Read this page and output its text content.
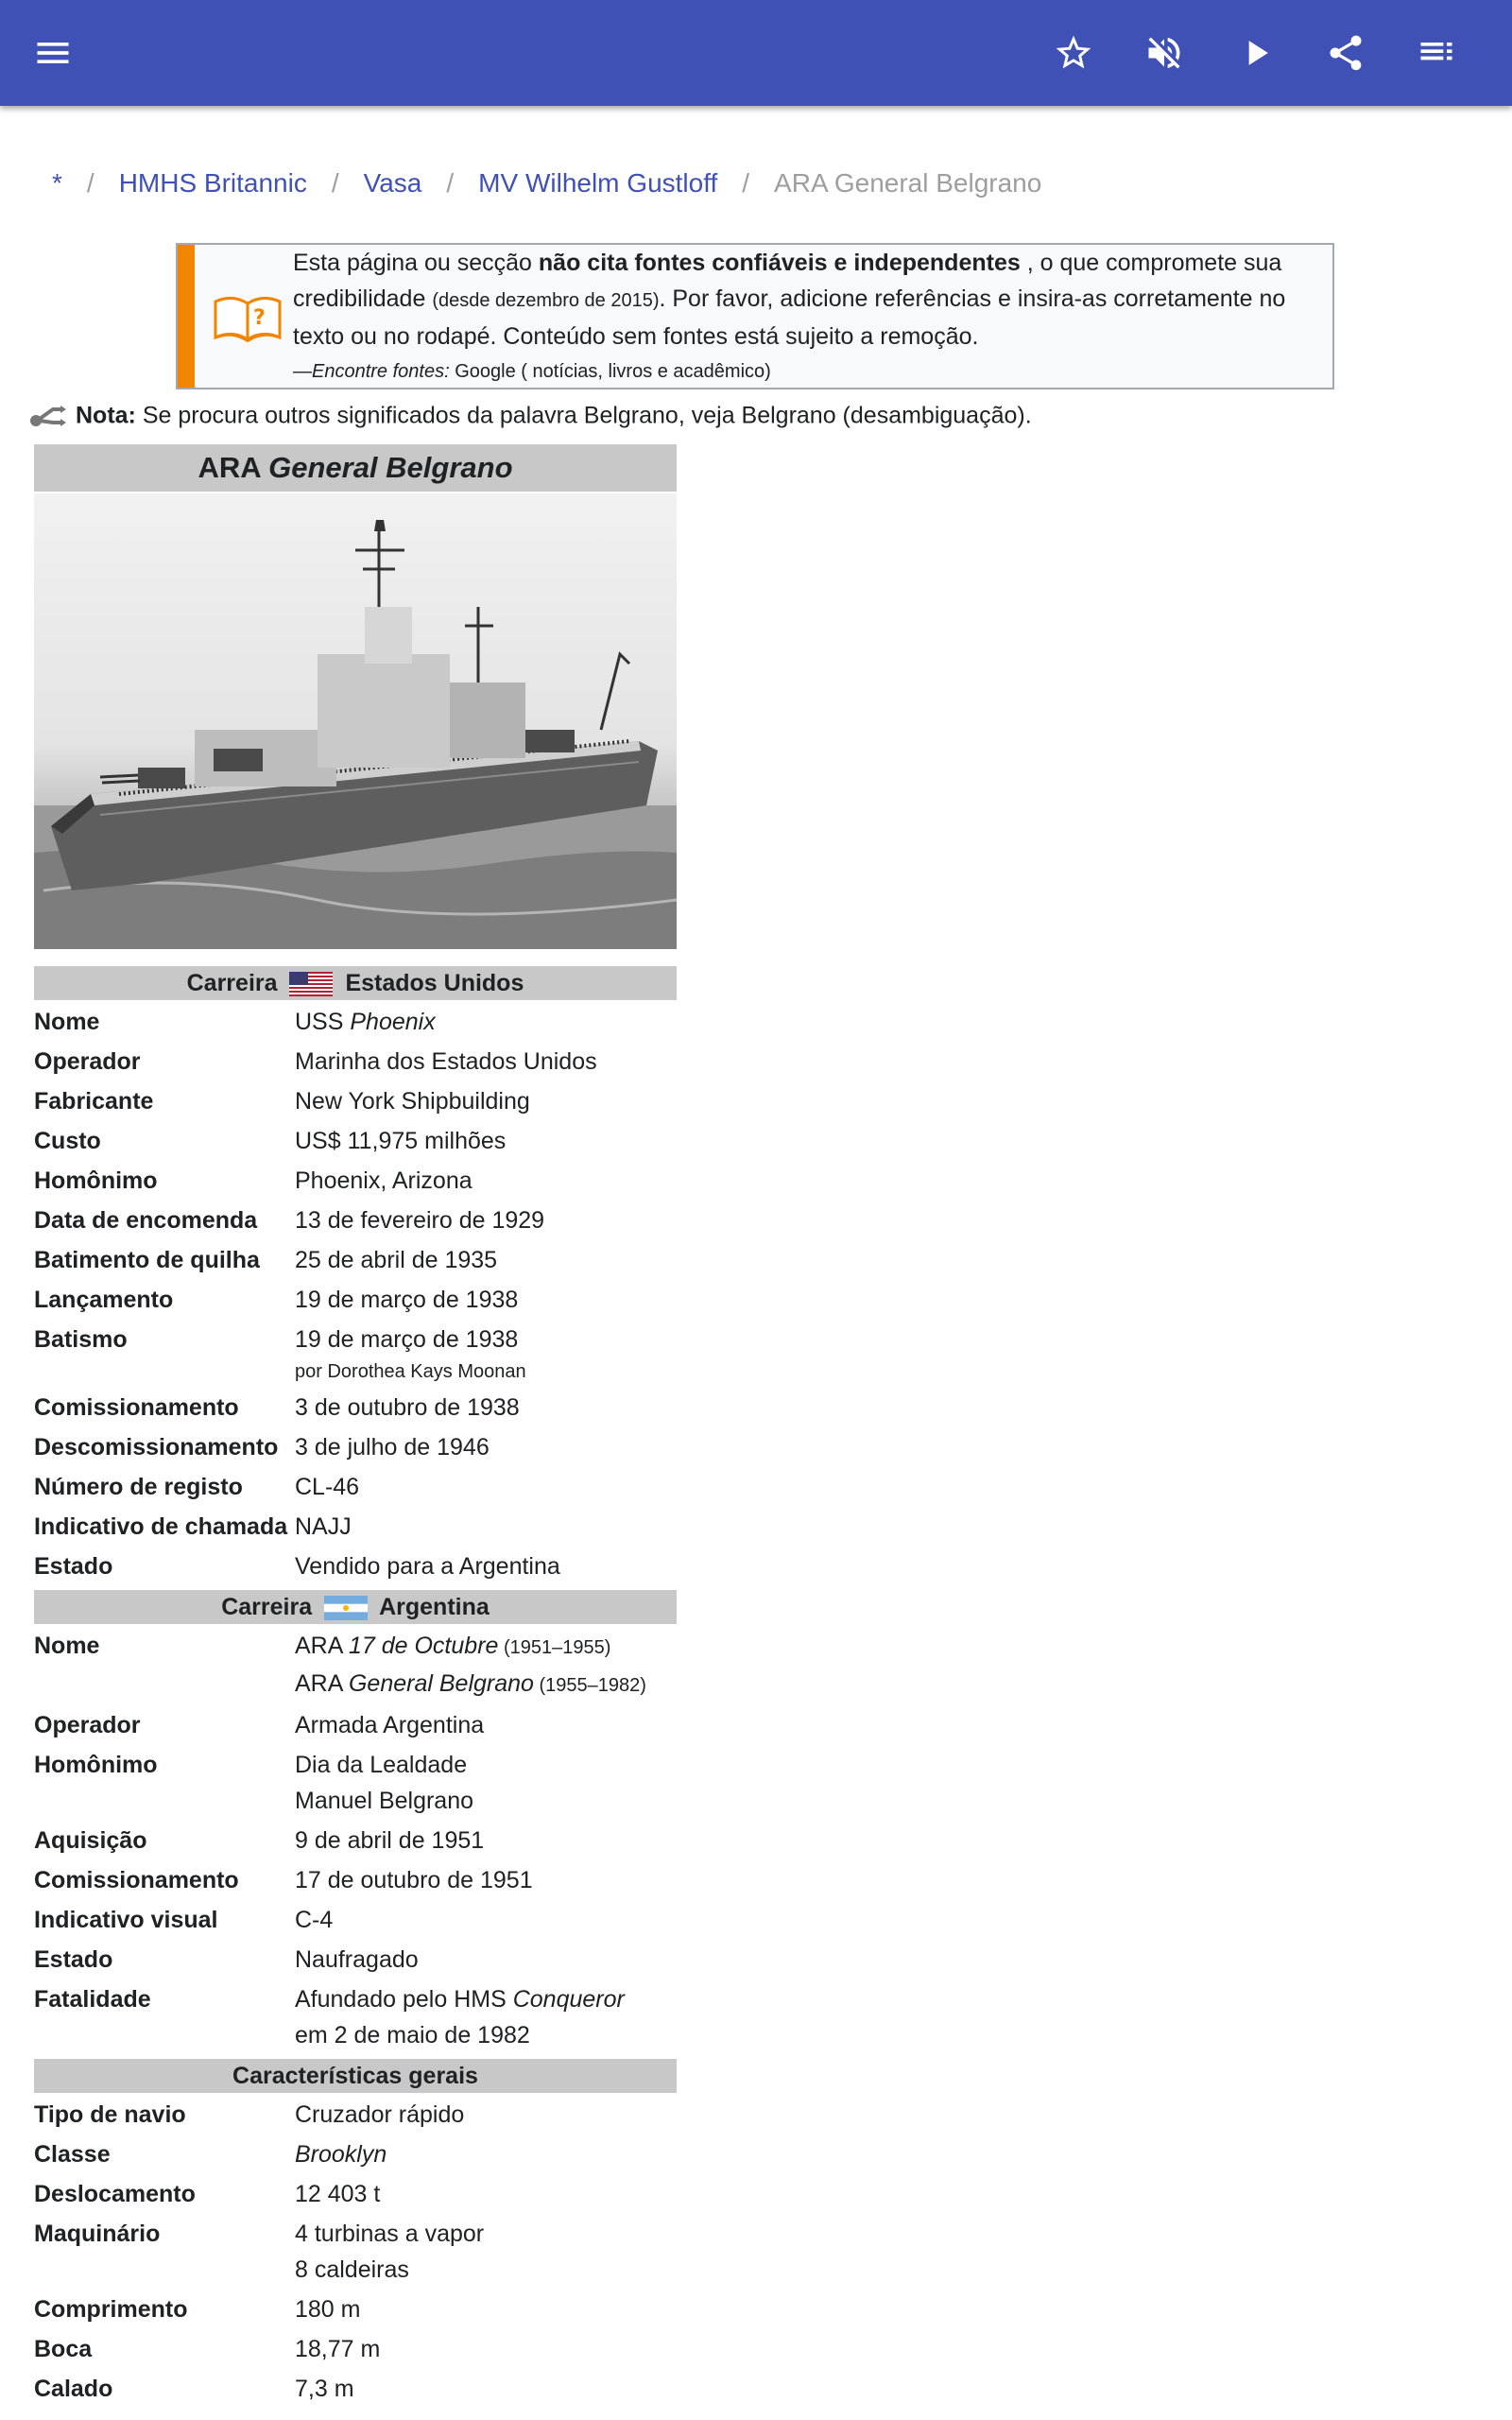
* / HMHS Britannic / Vasa / MV Wilhelm Gustloff / ARA General Belgrano
?
Esta página ou secção não cita fontes confiáveis e independentes , o que compromete sua
credibilidade (desde dezembro de 2015). Por favor, adicione referências e insira-as corretamente no
texto ou no rodapé. Conteúdo sem fontes está sujeito a remoção.
—Encontre fontes: Google ( notícias, livros e acadêmico)
Nota: Se procura outros significados da palavra Belgrano, veja Belgrano (desambiguação).
ARA General Belgrano
Carreira	Estados Unidos
Nome	USS Phoenix
Operador	Marinha dos Estados Unidos
Fabricante	New York Shipbuilding
Custo	US$ 11,975 milhões
Homônimo	Phoenix, Arizona
Data de encomenda	13 de fevereiro de 1929
Batimento de quilha	25 de abril de 1935
Lançamento	19 de março de 1938
Batismo	19 de março de 1938
por Dorothea Kays Moonan
Comissionamento	3 de outubro de 1938
Descomissionamento 3 de julho de 1946
Número de registo	CL-46
Indicativo de chamada NAJJ
Estado	Vendido para a Argentina
Carreira	Argentina
Nome	ARA 17 de Octubre (1951–1955)
ARA General Belgrano (1955–1982)
Operador	Armada Argentina
Homônimo	Dia da Lealdade
Manuel Belgrano
Aquisição	9 de abril de 1951
Comissionamento	17 de outubro de 1951
Indicativo visual	C-4
Estado	Naufragado
Fatalidade	Afundado pelo HMS Conqueror
em 2 de maio de 1982
Características gerais
Tipo de navio	Cruzador rápido
Classe	Brooklyn
Deslocamento	12 403 t
Maquinário	4 turbinas a vapor
8 caldeiras
Comprimento	180 m
Boca	18,77 m
Calado	7,3 m
